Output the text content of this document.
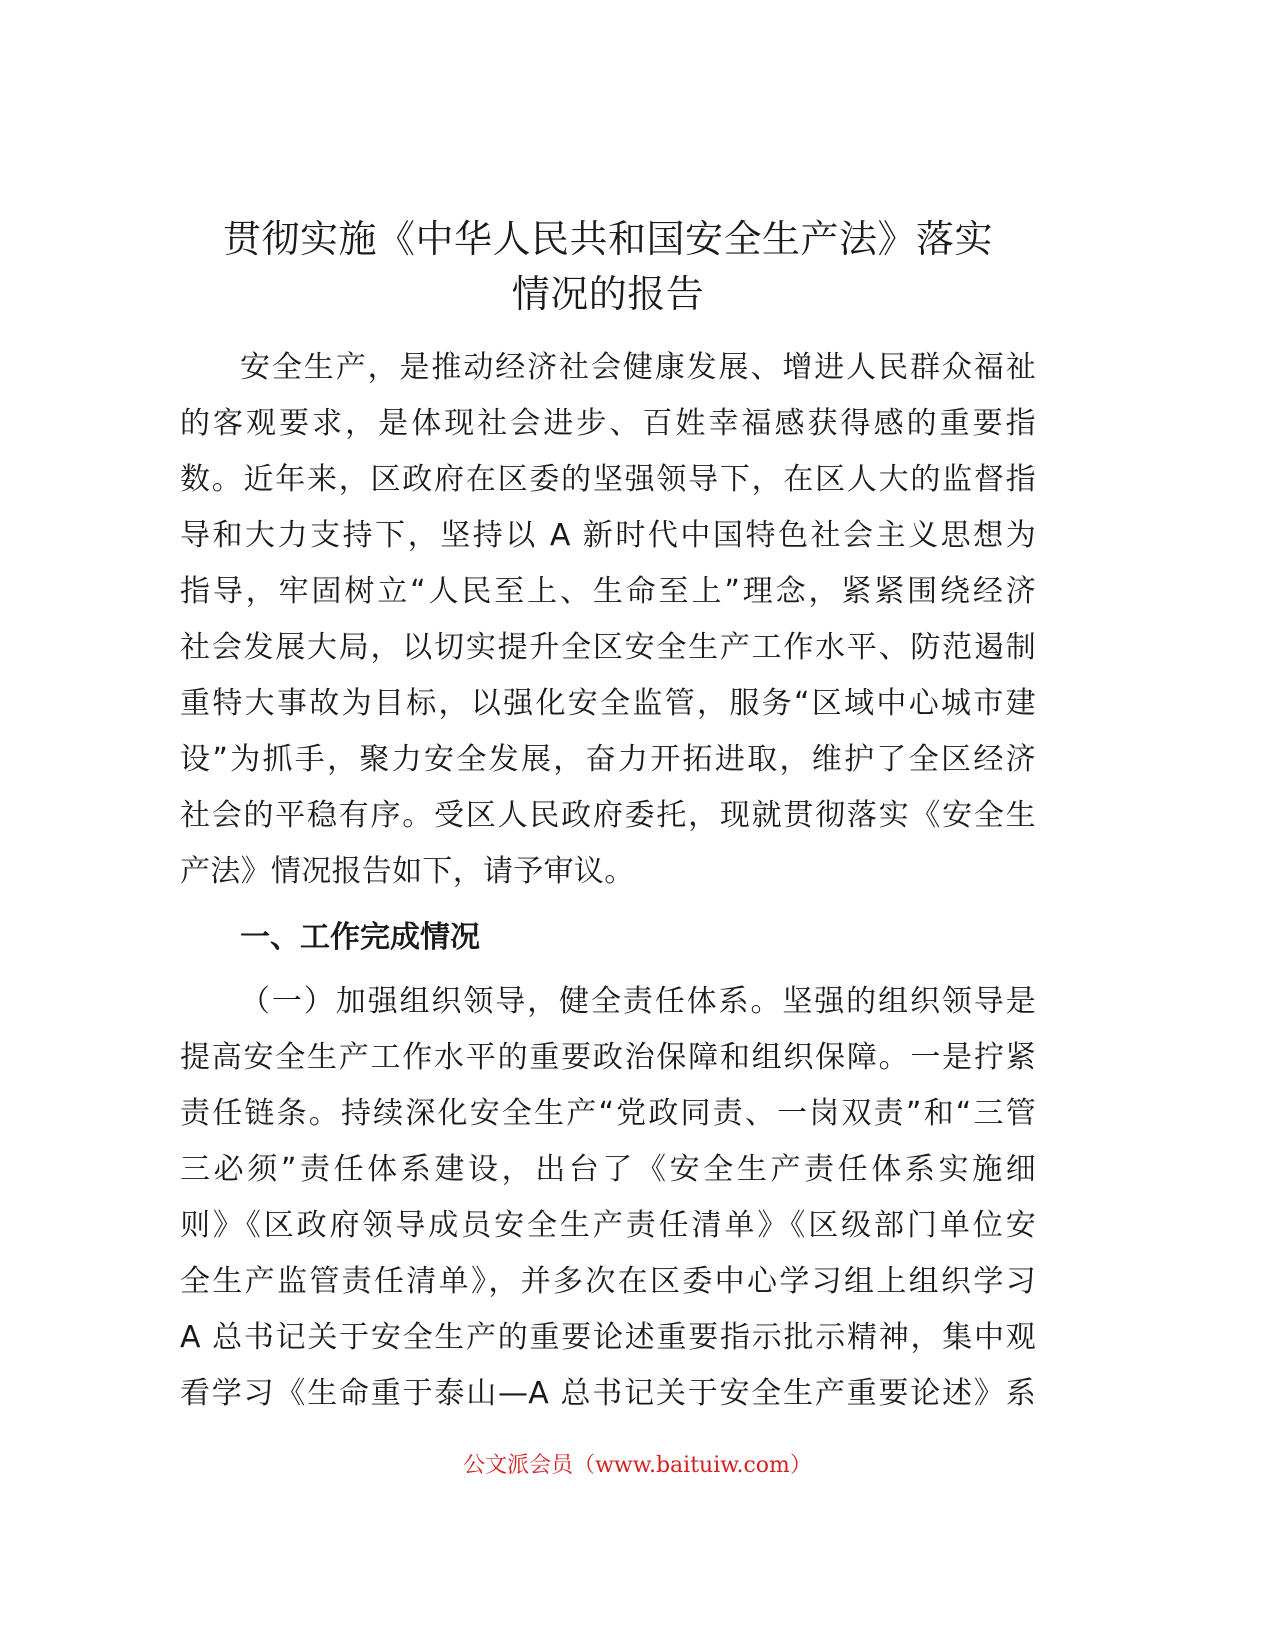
贯彻实施《中华人民共和国安全生产法》落实
情况的报告

安全生产，是推动经济社会健康发展、增进人民群众福祉
的客观要求，是体现社会进步、百姓幸福感获得感的重要指
数。近年来，区政府在区委的坚强领导下，在区人大的监督指
导和大力支持下，坚持以 A 新时代中国特色社会主义思想为
指导，牢固树立“人民至上、生命至上”理念，紧紧围绕经济
社会发展大局，以切实提升全区安全生产工作水平、防范遏制
重特大事故为目标，以强化安全监管，服务“区域中心城市建
设”为抓手，聚力安全发展，奋力开拓进取，维护了全区经济
社会的平稳有序。受区人民政府委托，现就贯彻落实《安全生
产法》情况报告如下，请予审议。

一、工作完成情况

（一）加强组织领导，健全责任体系。坚强的组织领导是
提高安全生产工作水平的重要政治保障和组织保障。一是拧紧
责任链条。持续深化安全生产“党政同责、一岗双责”和“三管
三必须”责任体系建设，出台了《安全生产责任体系实施细
则》《区政府领导成员安全生产责任清单》《区级部门单位安
全生产监管责任清单》，并多次在区委中心学习组上组织学习
A 总书记关于安全生产的重要论述重要指示批示精神，集中观
看学习《生命重于泰山—A 总书记关于安全生产重要论述》系

公文派会员（www.baituiw.com）
